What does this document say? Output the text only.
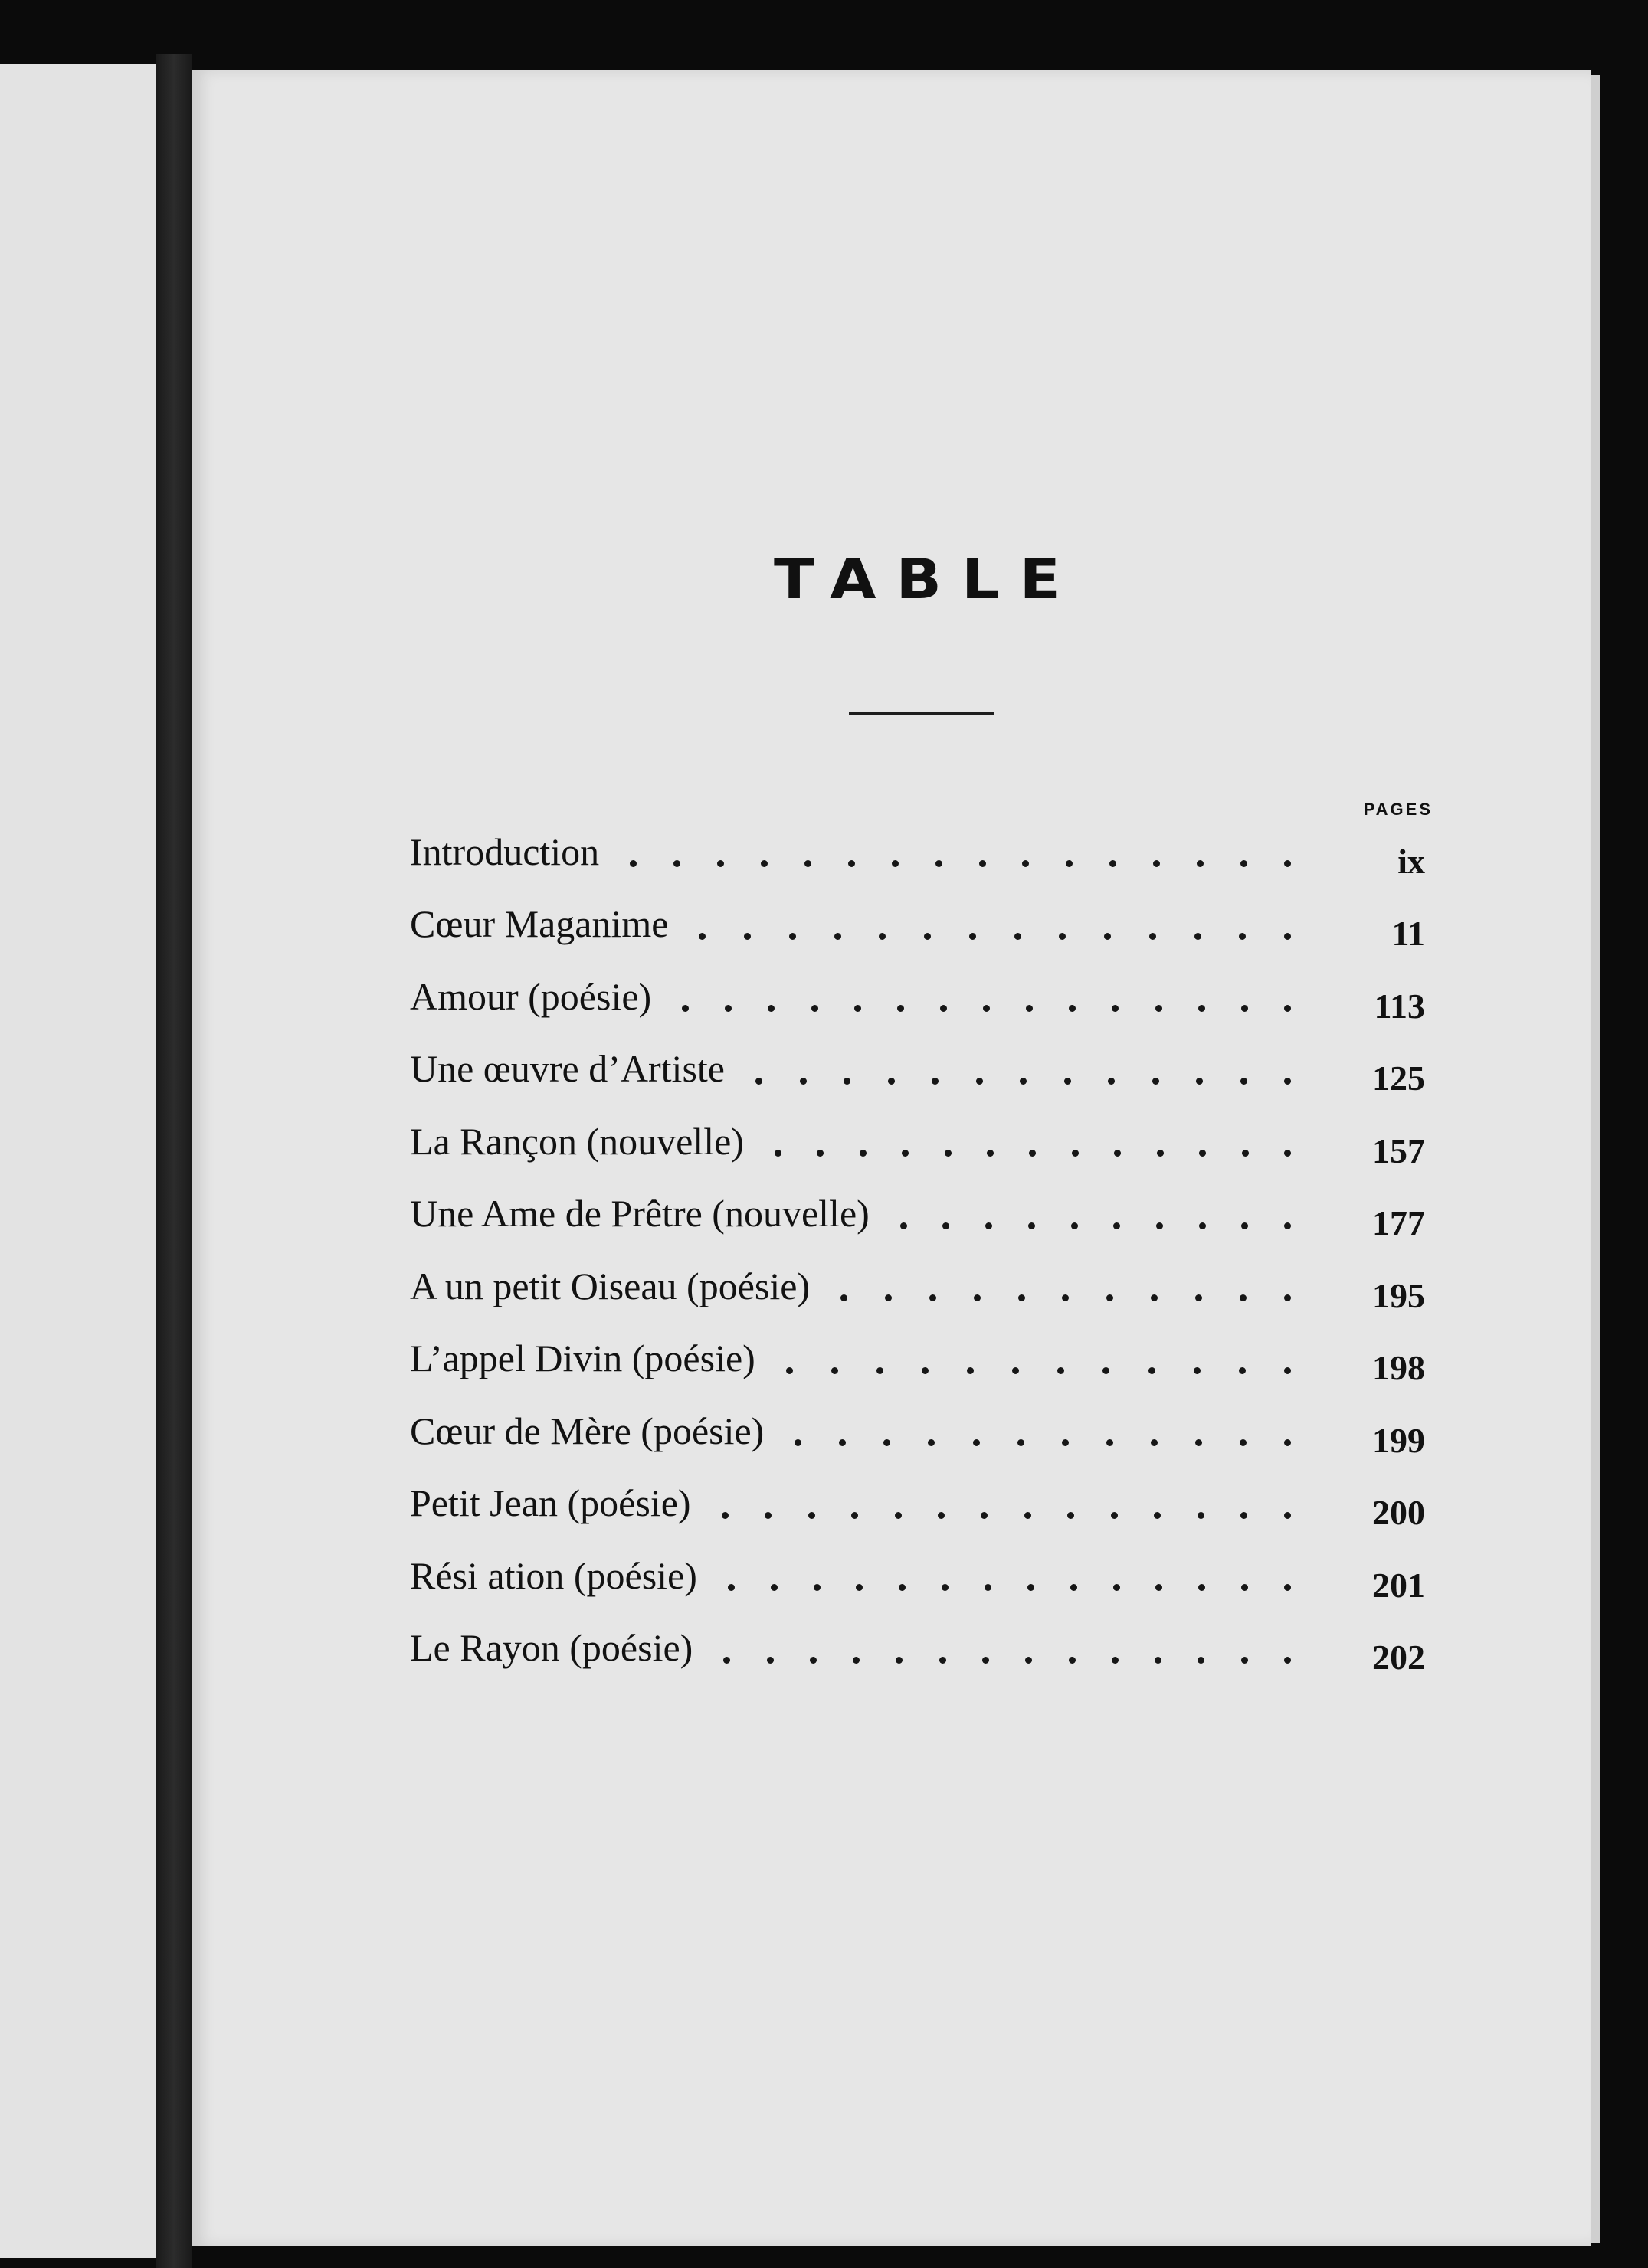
TABLE
PAGES
Introduction	ix
Cœur Maganime	11
Amour (poésie)	113
Une œuvre d’Artiste	125
La Rançon (nouvelle)	157
Une Ame de Prêtre (nouvelle)	177
A un petit Oiseau (poésie)	195
L’appel Divin (poésie)	198
Cœur de Mère (poésie)	199
Petit Jean (poésie)	200
Rési ation (poésie)	201
Le Rayon (poésie)	202
